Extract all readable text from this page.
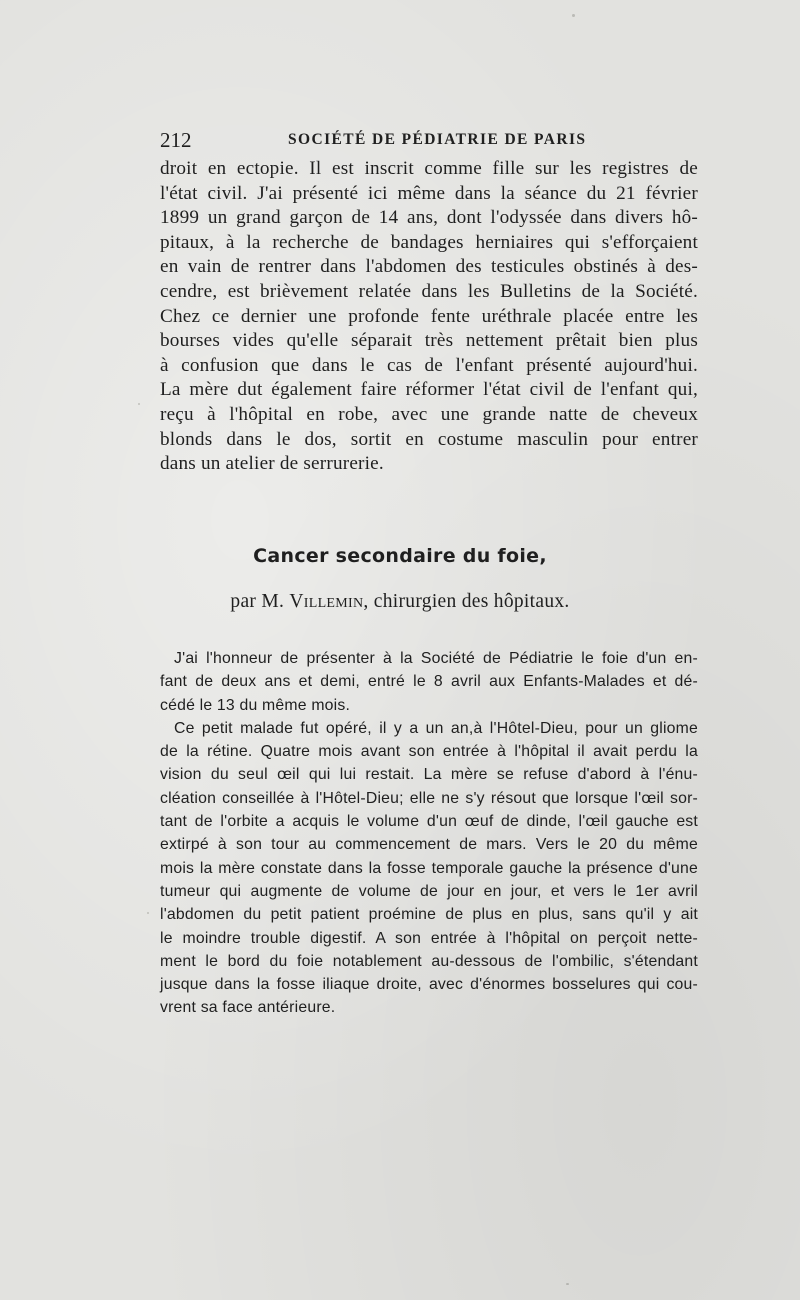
212	SOCIÉTÉ DE PÉDIATRIE DE PARIS
droit en ectopie. Il est inscrit comme fille sur les registres de
l'état civil. J'ai présenté ici même dans la séance du 21 février
1899 un grand garçon de 14 ans, dont l'odyssée dans divers hô-
pitaux, à la recherche de bandages herniaires qui s'efforçaient
en vain de rentrer dans l'abdomen des testicules obstinés à des-
cendre, est brièvement relatée dans les Bulletins de la Société.
Chez ce dernier une profonde fente uréthrale placée entre les
bourses vides qu'elle séparait très nettement prêtait bien plus
à confusion que dans le cas de l'enfant présenté aujourd'hui.
La mère dut également faire réformer l'état civil de l'enfant qui,
reçu à l'hôpital en robe, avec une grande natte de cheveux
blonds dans le dos, sortit en costume masculin pour entrer
dans un atelier de serrurerie.
Cancer secondaire du foie,
par M. Villemin, chirurgien des hôpitaux.
J'ai l'honneur de présenter à la Société de Pédiatrie le foie d'un en-
fant de deux ans et demi, entré le 8 avril aux Enfants-Malades et dé-
cédé le 13 du même mois.
Ce petit malade fut opéré, il y a un an,à l'Hôtel-Dieu, pour un gliome
de la rétine. Quatre mois avant son entrée à l'hôpital il avait perdu la
vision du seul œil qui lui restait. La mère se refuse d'abord à l'énu-
cléation conseillée à l'Hôtel-Dieu; elle ne s'y résout que lorsque l'œil sor-
tant de l'orbite a acquis le volume d'un œuf de dinde, l'œil gauche est
extirpé à son tour au commencement de mars. Vers le 20 du même
mois la mère constate dans la fosse temporale gauche la présence d'une
tumeur qui augmente de volume de jour en jour, et vers le 1er avril
l'abdomen du petit patient proémine de plus en plus, sans qu'il y ait
le moindre trouble digestif. A son entrée à l'hôpital on perçoit nette-
ment le bord du foie notablement au-dessous de l'ombilic, s'étendant
jusque dans la fosse iliaque droite, avec d'énormes bosselures qui cou-
vrent sa face antérieure.
